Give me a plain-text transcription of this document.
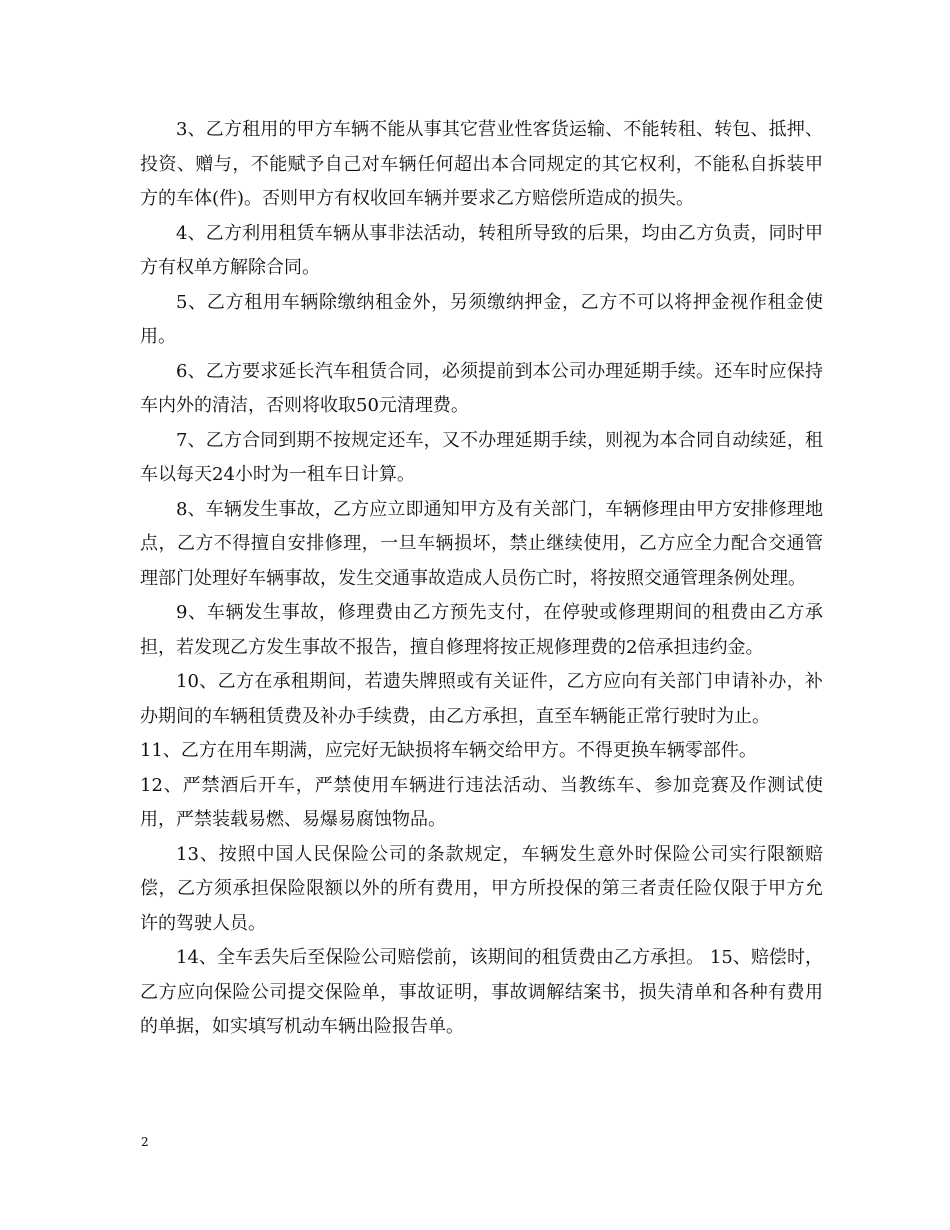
3、乙方租用的甲方车辆不能从事其它营业性客货运输、不能转租、转包、抵押、投资、赠与，不能赋予自己对车辆任何超出本合同规定的其它权利，不能私自拆装甲方的车体(件)。否则甲方有权收回车辆并要求乙方赔偿所造成的损失。

4、乙方利用租赁车辆从事非法活动，转租所导致的后果，均由乙方负责，同时甲方有权单方解除合同。

5、乙方租用车辆除缴纳租金外，另须缴纳押金，乙方不可以将押金视作租金使用。

6、乙方要求延长汽车租赁合同，必须提前到本公司办理延期手续。还车时应保持车内外的清洁，否则将收取50元清理费。

7、乙方合同到期不按规定还车，又不办理延期手续，则视为本合同自动续延，租车以每天24小时为一租车日计算。

8、车辆发生事故，乙方应立即通知甲方及有关部门，车辆修理由甲方安排修理地点，乙方不得擅自安排修理，一旦车辆损坏，禁止继续使用，乙方应全力配合交通管理部门处理好车辆事故，发生交通事故造成人员伤亡时，将按照交通管理条例处理。

9、车辆发生事故，修理费由乙方预先支付，在停驶或修理期间的租费由乙方承担，若发现乙方发生事故不报告，擅自修理将按正规修理费的2倍承担违约金。

10、乙方在承租期间，若遗失牌照或有关证件，乙方应向有关部门申请补办，补办期间的车辆租赁费及补办手续费，由乙方承担，直至车辆能正常行驶时为止。

11、乙方在用车期满，应完好无缺损将车辆交给甲方。不得更换车辆零部件。

12、严禁酒后开车，严禁使用车辆进行违法活动、当教练车、参加竞赛及作测试使用，严禁装载易燃、易爆易腐蚀物品。

13、按照中国人民保险公司的条款规定，车辆发生意外时保险公司实行限额赔偿，乙方须承担保险限额以外的所有费用，甲方所投保的第三者责任险仅限于甲方允许的驾驶人员。

14、全车丢失后至保险公司赔偿前，该期间的租赁费由乙方承担。 15、赔偿时，乙方应向保险公司提交保险单，事故证明，事故调解结案书，损失清单和各种有费用的单据，如实填写机动车辆出险报告单。

2
